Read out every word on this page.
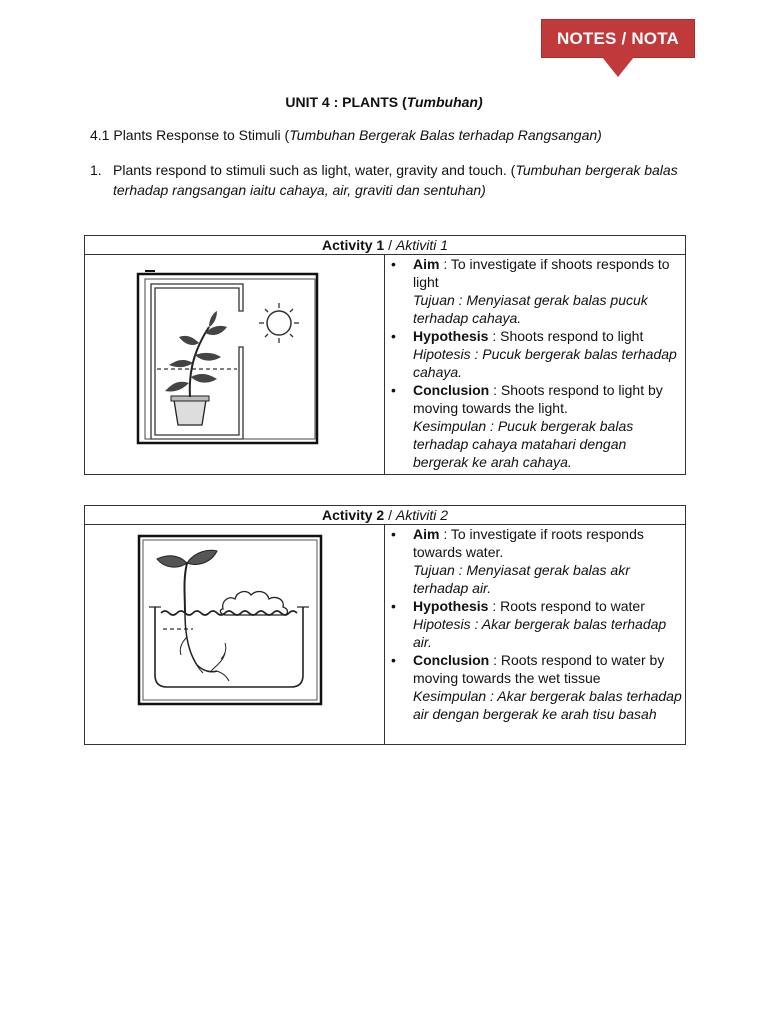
NOTES / NOTA
UNIT 4 : PLANTS (Tumbuhan)
4.1 Plants Response to Stimuli (Tumbuhan Bergerak Balas terhadap Rangsangan)
1. Plants respond to stimuli such as light, water, gravity and touch. (Tumbuhan bergerak balas terhadap rangsangan iaitu cahaya, air, graviti dan sentuhan)
Activity 1 / Aktiviti 1

• Aim : To investigate if shoots responds to light
Tujuan : Menyiasat gerak balas pucuk terhadap cahaya.
• Hypothesis : Shoots respond to light
Hipotesis : Pucuk bergerak balas terhadap cahaya.
• Conclusion : Shoots respond to light by moving towards the light.
Kesimpulan : Pucuk bergerak balas terhadap cahaya matahari dengan bergerak ke arah cahaya.
Activity 2 / Aktiviti 2

• Aim : To investigate if roots responds towards water.
Tujuan : Menyiasat gerak balas akr terhadap air.
• Hypothesis : Roots respond to water
Hipotesis : Akar bergerak balas terhadap air.
• Conclusion : Roots respond to water by moving towards the wet tissue
Kesimpulan : Akar bergerak balas terhadap air dengan bergerak ke arah tisu basah
